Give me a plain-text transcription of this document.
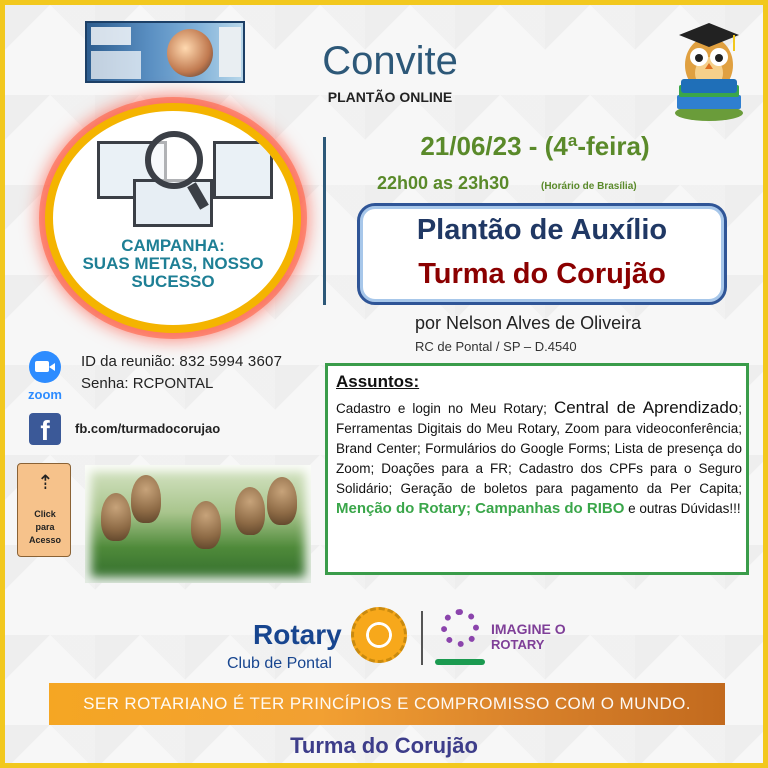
Convite
PLANTÃO ONLINE
CAMPANHA:
SUAS METAS, NOSSO
SUCESSO
21/06/23 - (4ª-feira)
22h00 as 23h30	(Horário de Brasília)
Plantão de Auxílio
Turma do Corujão
por Nelson Alves de Oliveira
RC de Pontal / SP – D.4540
zoom
ID da reunião: 832 5994 3607
Senha: RCPONTAL
f	fb.com/turmadocorujao
⇡
Click
para
Acesso
Assuntos:
Cadastro e login no Meu Rotary; Central de Aprendizado; Ferramentas Digitais do Meu Rotary, Zoom para videoconferência; Brand Center; Formulários do Google Forms; Lista de presença do Zoom; Doações para a FR; Cadastro dos CPFs para o Seguro Solidário; Geração de boletos para pagamento da Per Capita; Menção do Rotary; Campanhas do RIBO e outras Dúvidas!!!
Rotary
Club de Pontal
IMAGINE O
ROTARY
SER ROTARIANO É TER PRINCÍPIOS E COMPROMISSO COM O MUNDO.
Turma do Corujão
